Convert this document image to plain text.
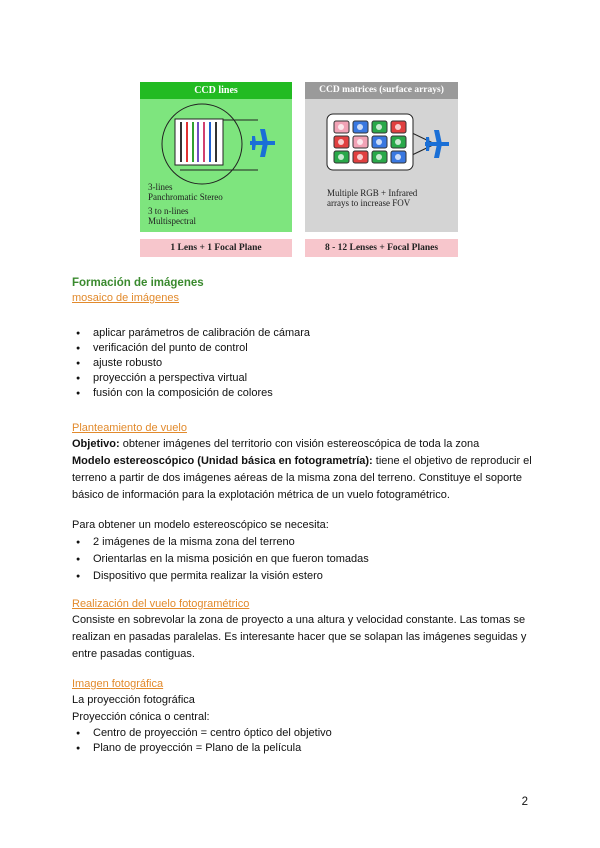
CCD lines
3-lines
Panchromatic Stereo
3 to n-lines
Multispectral
CCD matrices (surface arrays)
Multiple RGB + Infrared
arrays to increase FOV
1 Lens + 1 Focal Plane	8 - 12 Lenses + Focal Planes
Formación de imágenes
mosaico de imágenes
● aplicar parámetros de calibración de cámara
● verificación del punto de control
● ajuste robusto
● proyección a perspectiva virtual
● fusión con la composición de colores
Planteamiento de vuelo

Objetivo: obtener imágenes del territorio con visión estereoscópica de toda la zona

Modelo estereoscópico (Unidad básica en fotogrametría): tiene el objetivo de reproducir el terreno a partir de dos imágenes aéreas de la misma zona del terreno. Constituye el soporte básico de información para la explotación métrica de un vuelo fotogramétrico.

Para obtener un modelo estereoscópico se necesita:

● 2 imágenes de la misma zona del terreno
● Orientarlas en la misma posición en que fueron tomadas
● Dispositivo que permita realizar la visión estero
Realización del vuelo fotogramétrico

Consiste en sobrevolar la zona de proyecto a una altura y velocidad constante. Las tomas se realizan en pasadas paralelas. Es interesante hacer que se solapan las imágenes seguidas y entre pasadas contiguas.

Imagen fotográfica

La proyección fotográfica

Proyección cónica o central:

● Centro de proyección = centro óptico del objetivo
● Plano de proyección = Plano de la película
2
